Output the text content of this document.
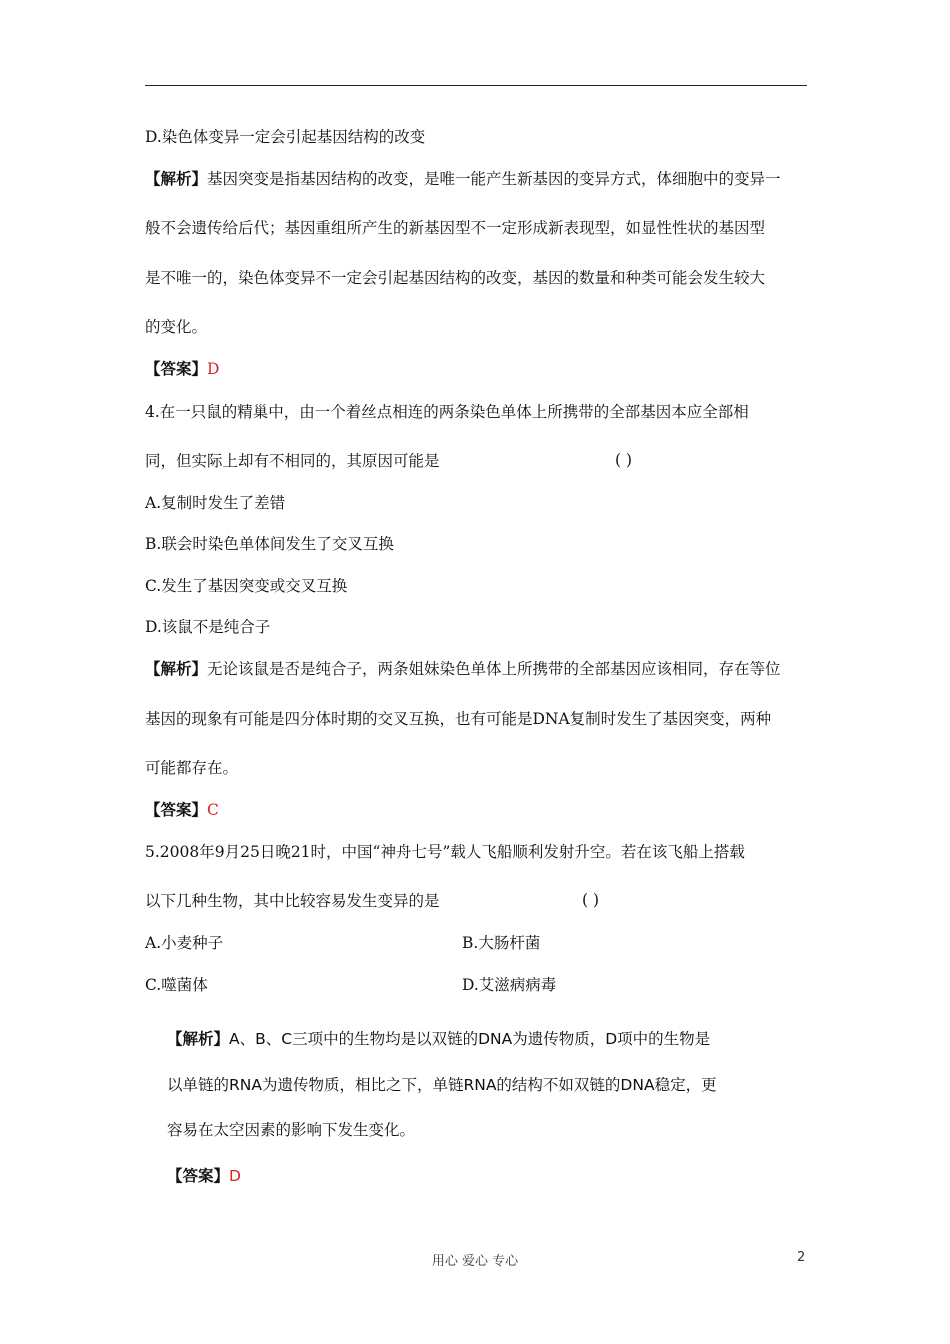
D.染色体变异一定会引起基因结构的改变
【解析】基因突变是指基因结构的改变，是唯一能产生新基因的变异方式，体细胞中的变异一
般不会遗传给后代；基因重组所产生的新基因型不一定形成新表现型，如显性性状的基因型
是不唯一的，染色体变异不一定会引起基因结构的改变，基因的数量和种类可能会发生较大
的变化。
【答案】D
4.在一只鼠的精巢中，由一个着丝点相连的两条染色单体上所携带的全部基因本应全部相
同，但实际上却有不相同的，其原因可能是	( )
A.复制时发生了差错
B.联会时染色单体间发生了交叉互换
C.发生了基因突变或交叉互换
D.该鼠不是纯合子
【解析】无论该鼠是否是纯合子，两条姐妹染色单体上所携带的全部基因应该相同，存在等位
基因的现象有可能是四分体时期的交叉互换，也有可能是DNA复制时发生了基因突变，两种
可能都存在。
【答案】C
5.2008年9月25日晚21时，中国“神舟七号”载人飞船顺利发射升空。若在该飞船上搭载
以下几种生物，其中比较容易发生变异的是	( )
A.小麦种子	B.大肠杆菌
C.噬菌体	D.艾滋病病毒
【解析】A、B、C三项中的生物均是以双链的DNA为遗传物质，D项中的生物是
以单链的RNA为遗传物质，相比之下，单链RNA的结构不如双链的DNA稳定，更
容易在太空因素的影响下发生变化。
【答案】D
用心 爱心 专心	2
